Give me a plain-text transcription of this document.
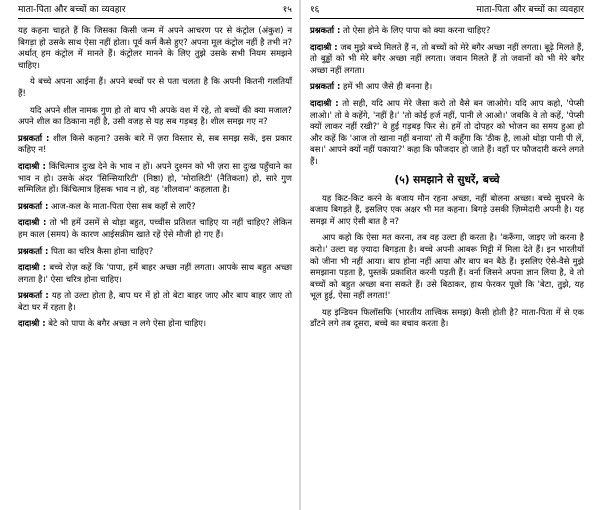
माता-पिता और बच्चों का व्यवहार	१५

यह कहना चाहते हैं कि जिसका किसी जन्म में अपने आचरण पर से कंट्रोल (अंकुश) न बिगड़ा हो उसके साथ ऐसा नहीं होता। पूर्व कर्म कैसे हुए? अपना मूल कंट्रोल नहीं है तभी न? अर्थात् हम कंट्रोल में मानते हैं। कंट्रोलर मानने के लिए तुझे उसके सभी नियम समझने चाहिए।

ये बच्चे अपना आईना हैं। अपने बच्चों पर से पता चलता है कि अपनी कितनी गलतियाँ हैं!

यदि अपने शील नामक गुण हो तो बाप भी अपके वश में रहे, तो बच्चों की क्या मजाल? अपने शील का ठिकाना नहीं है, उसी वजह से यह सब गड़बड़ है। शील समझ गए न?

प्रश्नकर्ता : शील किसे कहना? उसके बारे में ज़रा विस्तार से, सब समझ सकें, इस प्रकार कहिए न!

दादाश्री : किंचित्मात्र दुःख देने के भाव न हों। अपने दुश्मन को भी ज़रा सा दुःख पहुँचाने का भाव न हो। उसके अंदर 'सिन्सियारिटी' (निष्ठा) हो, 'मोरालिटी' (नैतिकता) हो, सारे गुण सम्मिलित हों। किंचित्मात्र हिंसक भाव न हो, वह 'शीलवान' कहलाता है।

प्रश्नकर्ता : आज-कल के माता-पिता ऐसा सब कहाँ से लाएँ?

दादाश्री : तो भी हमें उसमें से थोड़ा बहुत, पच्चीस प्रतिशत चाहिए या नहीं चाहिए? लेकिन हम काल (समय) के कारण आईसक्रीम खाते रहें ऐसे मौजी हो गए हैं।

प्रश्नकर्ता : पिता का चरित्र कैसा होना चाहिए?

दादाश्री : बच्चे रोज़ कहें कि 'पापा, हमें बाहर अच्छा नहीं लगता। आपके साथ बहुत अच्छा लगता है।' ऐसा चरित्र होना चाहिए।

प्रश्नकर्ता : यह तो उल्टा होता है, बाप घर में हो तो बेटा बाहर जाए और बाप बाहर जाए तो बेटा घर में रहता है।

दादाश्री : बेटे को पापा के बगैर अच्छा न लगे ऐसा होना चाहिए।

१६	माता-पिता और बच्चों का व्यवहार

प्रश्नकर्ता : तो ऐसा होने के लिए पापा को क्या करना चाहिए?

दादाश्री : जब मुझे बच्चे मिलते हैं न, तो बच्चों को मेरे बगैर अच्छा नहीं लगता। बूढ़े मिलते हैं, तो बुड्ढों को भी मेरे बगैर अच्छा नहीं लगता। जवान मिलते हैं तो जवानों को भी मेरे बगैर अच्छा नहीं लगता।

प्रश्नकर्ता : हमें भी आप जैसे ही बनना है।

दादाश्री : तो सही, यदि आप मेरे जैसा करो तो वैसे बन जाओगे। यदि आप कहो, 'पेप्सी लाओ।' तो वे कहेंगे, 'नहीं है।' 'तो कोई हर्ज नहीं, पानी ले आओ।' जबकि वे तो कहें, 'पेप्सी क्यों लाकर नहीं रखी?' वे हुई गड़बड़ फिर से। हमें तो दोपहर को भोजन का समय हुआ हो और कहें कि 'आज तो खाना नहीं बनाया' तो मैं कहूँगा कि 'ठीक है, लाओ थोड़ा पानी पी लें, बस।' आपने क्यों नहीं पकाया?' कहा कि फौजदार हो जाते हैं। वहाँ पर फौजदारी करने लगते हैं।

(५) समझाने से सुधरें, बच्चे

यह किट-किट करने के बजाय मौन रहना अच्छा, नहीं बोलना अच्छा। बच्चे सुधरने के बजाय बिगड़ते हैं, इसलिए एक अक्षर भी मत कहना। बिगड़े उसकी ज़िम्मेदारी अपनी है। यह समझ में आए ऐसी बात है न?

आप कहो कि ऐसा मत करना, तब वह उल्टा ही करता है। 'करूँगा, जाइए जो करना है करो।' उल्टा वह ज़्यादा बिगड़ता है। बच्चे अपनी आबरू मिट्टी में मिला देते हैं। इन भारतीयों को जीना भी नहीं आया। बाप होना नहीं आया और बाप बन बैठे हैं। इसलिए ऐसे-वैसे मुझे समझाना पड़ता है, पुस्तकें प्रकाशित करनी पड़ती हैं। वर्ना जिसने अपना ज्ञान लिया है, वे तो बच्चों को बहुत अच्छा बना सकते हैं। उसे बिठाकर, हाथ फेरकर पूछो कि 'बेटा, तुझे, यह भूल हुई, ऐसा नहीं लगता!'

यह इन्डियन फिलॉसफि (भारतीय तात्त्विक समझ) कैसी होती है? माता-पिता में से एक डाँटने लगे तब दूसरा, बच्चे का बचाव करता है।
